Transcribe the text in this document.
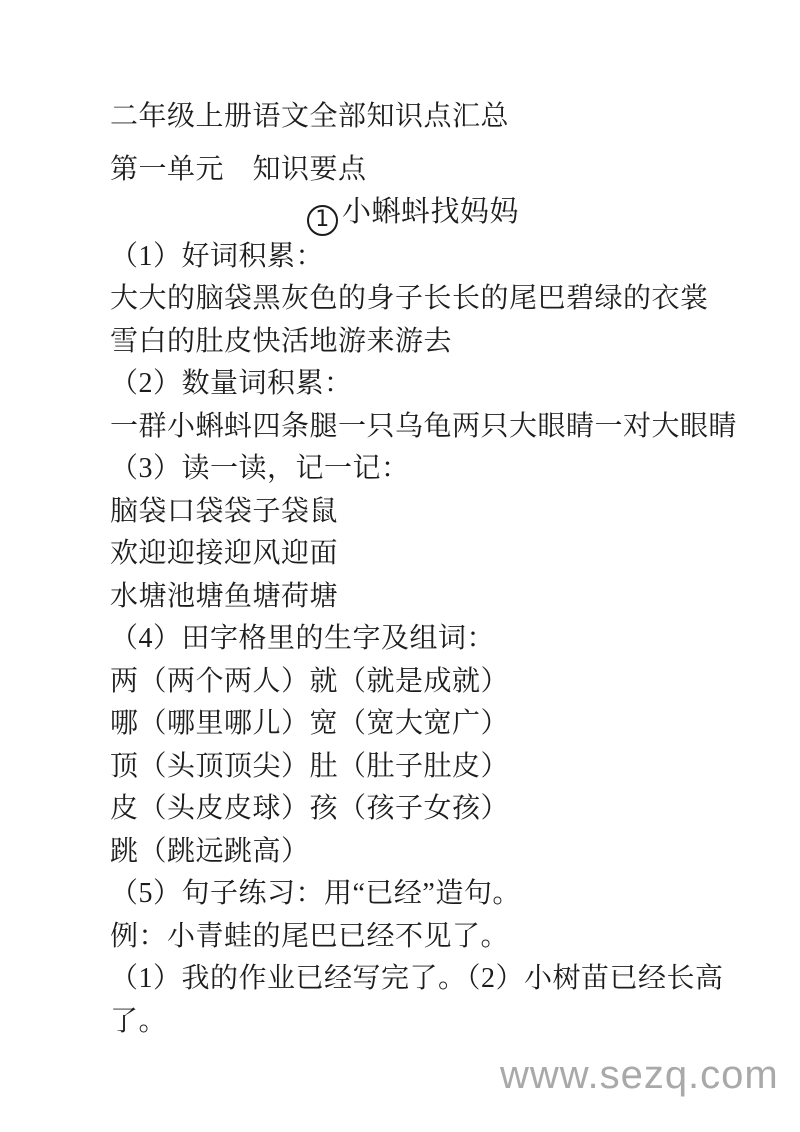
二年级上册语文全部知识点汇总

第一单元　知识要点

1 小蝌蚪找妈妈

（1）好词积累：

大大的脑袋黑灰色的身子长长的尾巴碧绿的衣裳

雪白的肚皮快活地游来游去

（2）数量词积累：

一群小蝌蚪四条腿一只乌龟两只大眼睛一对大眼睛

（3）读一读，记一记：

脑袋口袋袋子袋鼠

欢迎迎接迎风迎面

水塘池塘鱼塘荷塘

（4）田字格里的生字及组词：

两（两个两人）就（就是成就）

哪（哪里哪儿）宽（宽大宽广）

顶（头顶顶尖）肚（肚子肚皮）

皮（头皮皮球）孩（孩子女孩）

跳（跳远跳高）

（5）句子练习：用“已经”造句。

例：小青蛙的尾巴已经不见了。

（1）我的作业已经写完了。（2）小树苗已经长高

了。

www.sezq.com
